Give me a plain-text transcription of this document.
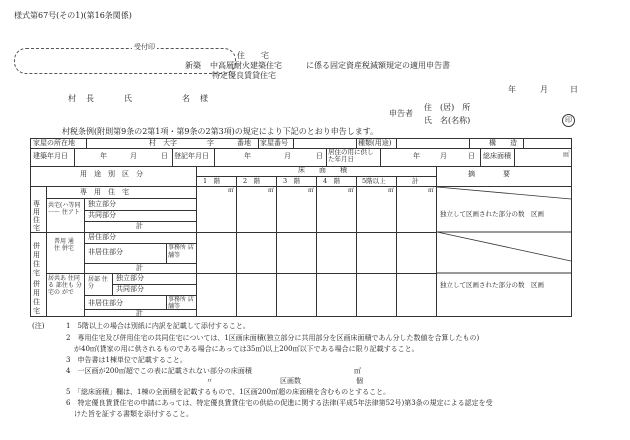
様式第67号(その1)(第16条関係)
受付印
新築
住　　宅
中高層耐火建築住宅
特定優良賃貸住宅
に係る固定資産税減額規定の適用申告書
年	月	日
村 長	氏	名 様
申告者
住　(居)　所
氏　名(名称)	印
村税条例(附則第9条の2第1項・第9条の2第3項)の規定により下記のとおり申告します。
家屋の所在地	村 大字	字	番地 家屋番号	種類(用途)	構　　造
建築年月日	年	月	日 登記年月日	年	月	日 居住の用に供した年月日	年	月	日 総床面積	㎡
用　途　別　区　分	床　　面　　積	摘　　　　要
1　階	2　階	3　階	4　階	5階以上	計
㎡	㎡	㎡	㎡	㎡	㎡
専用住宅
専　用　住　宅
共宅(ハ等同一〜 住アト
独立部分
共同部分
計
独立して区画された部分の数　区画
併用住宅
普用 通住 併宅
居住部分
非居住部分
事務所 店舗等
計
併用住宅
居共あ 住同る 部住も 分宅の がで
居部 住分
独立部分
共同部分
非居住部分	事務所 店舗等
計
独立して区画された部分の数　区画
(注)	1　5階以上の場合は別紙に内訳を記載して添付すること。
2　専用住宅及び併用住宅の共同住宅については、1区画床面積(独立部分に共用部分を区画床面積であん分した数値を合算したもの)
が40㎡(貸家の用に供されるものである場合にあっては35㎡)以上200㎡以下である場合に限り記載すること。
3　申告書は1棟単位で記載すること。
4　一区画が200㎡超でこの表に記載されない部分の床面積	㎡
〃	区画数	個
5　「総床面積」欄は、1棟の全面積を記載するもので、1区画200㎡超の床面積を含むものとすること。
6　特定優良賃貸住宅の申請にあっては、特定優良賃貸住宅の供給の促進に関する法律(平成5年法律第52号)第3条の規定による認定を受
けた旨を証する書類を添付すること。
